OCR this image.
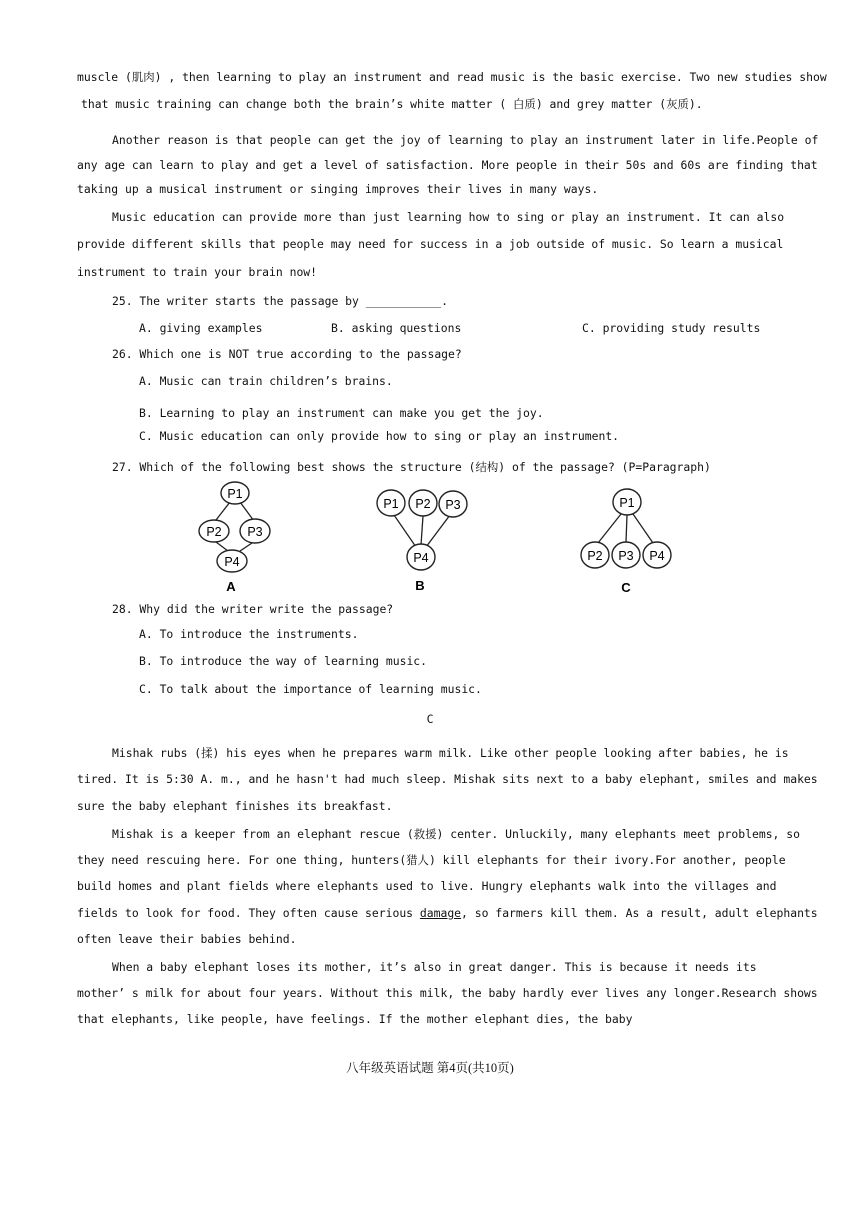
muscle (肌肉) , then learning to play an instrument and read music is the basic exercise. Two new studies show
that music training can change both the brain’s white matter ( 白质) and grey matter (灰质).
Another reason is that people can get the joy of learning to play an instrument later in life.People of
any age can learn to play and get a level of satisfaction. More people in their 50s and 60s are finding that
taking up a musical instrument or singing improves their lives in many ways.
Music education can provide more than just learning how to sing or play an instrument. It can also
provide different skills that people may need for success in a job outside of music. So learn a musical
instrument to train your brain now!
25. The writer starts the passage by ___________.
A. giving examples	B. asking questions	C. providing study results
26. Which one is NOT true according to the passage?
A. Music can train children’s brains.
B. Learning to play an instrument can make you get the joy.
C. Music education can only provide how to sing or play an instrument.
27. Which of the following best shows the structure (结构) of the passage? (P=Paragraph)
P1
P2 P3
P4
A
P1 P2 P3
P4
B
P1
P2 P3 P4
C
28. Why did the writer write the passage?
A. To introduce the instruments.
B. To introduce the way of learning music.
C. To talk about the importance of learning music.
C
Mishak rubs (揉) his eyes when he prepares warm milk. Like other people looking after babies, he is
tired. It is 5:30 A. m., and he hasn't had much sleep. Mishak sits next to a baby elephant, smiles and makes
sure the baby elephant finishes its breakfast.
Mishak is a keeper from an elephant rescue (救援) center. Unluckily, many elephants meet problems, so
they need rescuing here. For one thing, hunters(猎人) kill elephants for their ivory.For another, people
build homes and plant fields where elephants used to live. Hungry elephants walk into the villages and
fields to look for food. They often cause serious damage, so farmers kill them. As a result, adult elephants
often leave their babies behind.
When a baby elephant loses its mother, it’s also in great danger. This is because it needs its
mother’ s milk for about four years. Without this milk, the baby hardly ever lives any longer.Research shows
that elephants, like people, have feelings. If the mother elephant dies, the baby
八年级英语试题 第4页(共10页)
